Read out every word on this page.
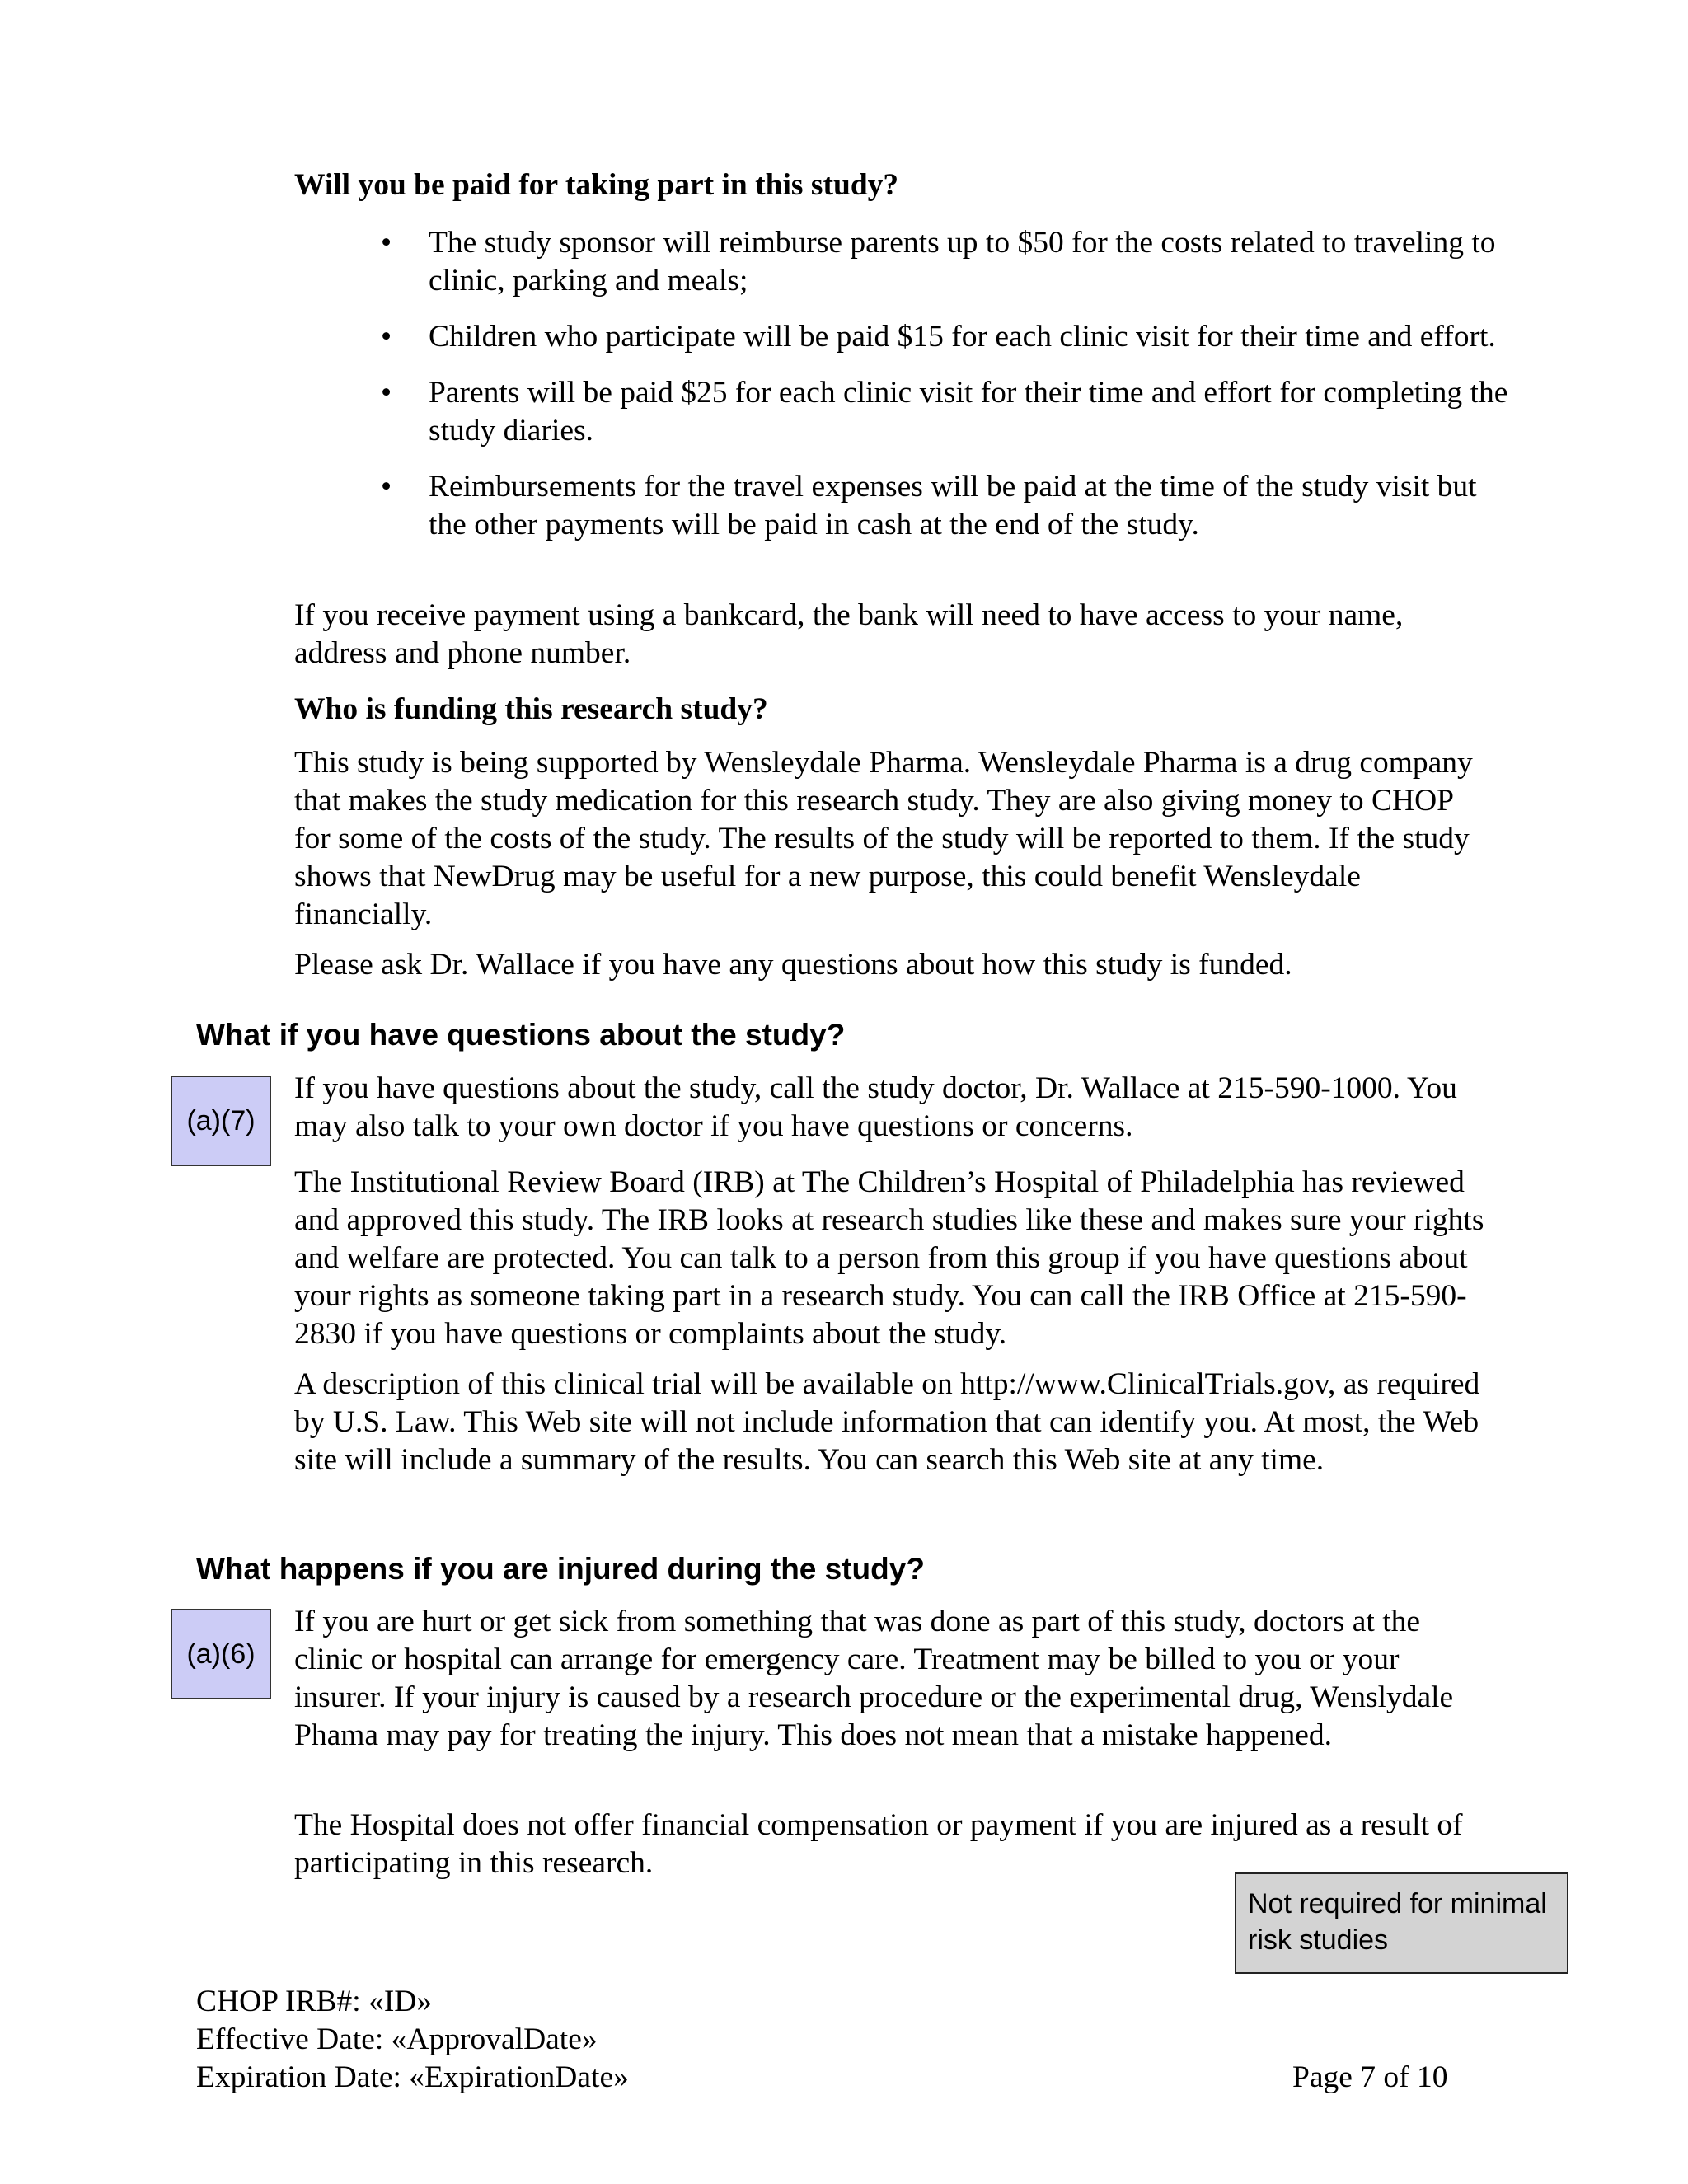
Will you be paid for taking part in this study?

• The study sponsor will reimburse parents up to $50 for the costs related to traveling to clinic, parking and meals;
• Children who participate will be paid $15 for each clinic visit for their time and effort.
• Parents will be paid $25 for each clinic visit for their time and effort for completing the study diaries.
• Reimbursements for the travel expenses will be paid at the time of the study visit but the other payments will be paid in cash at the end of the study.

If you receive payment using a bankcard, the bank will need to have access to your name, address and phone number.

Who is funding this research study?

This study is being supported by Wensleydale Pharma. Wensleydale Pharma is a drug company that makes the study medication for this research study. They are also giving money to CHOP for some of the costs of the study. The results of the study will be reported to them. If the study shows that NewDrug may be useful for a new purpose, this could benefit Wensleydale financially.

Please ask Dr. Wallace if you have any questions about how this study is funded.

What if you have questions about the study?

(a)(7)

If you have questions about the study, call the study doctor, Dr. Wallace at 215-590-1000. You may also talk to your own doctor if you have questions or concerns.

The Institutional Review Board (IRB) at The Children’s Hospital of Philadelphia has reviewed and approved this study. The IRB looks at research studies like these and makes sure your rights and welfare are protected. You can talk to a person from this group if you have questions about your rights as someone taking part in a research study. You can call the IRB Office at 215-590-2830 if you have questions or complaints about the study.

A description of this clinical trial will be available on http://www.ClinicalTrials.gov, as required by U.S. Law. This Web site will not include information that can identify you. At most, the Web site will include a summary of the results. You can search this Web site at any time.

What happens if you are injured during the study?

(a)(6)

If you are hurt or get sick from something that was done as part of this study, doctors at the clinic or hospital can arrange for emergency care. Treatment may be billed to you or your insurer. If your injury is caused by a research procedure or the experimental drug, Wenslydale Phama may pay for treating the injury. This does not mean that a mistake happened.

The Hospital does not offer financial compensation or payment if you are injured as a result of participating in this research.

Not required for minimal risk studies

CHOP IRB#: «ID»

Effective Date: «ApprovalDate»

Expiration Date: «ExpirationDate»	Page 7 of 10
